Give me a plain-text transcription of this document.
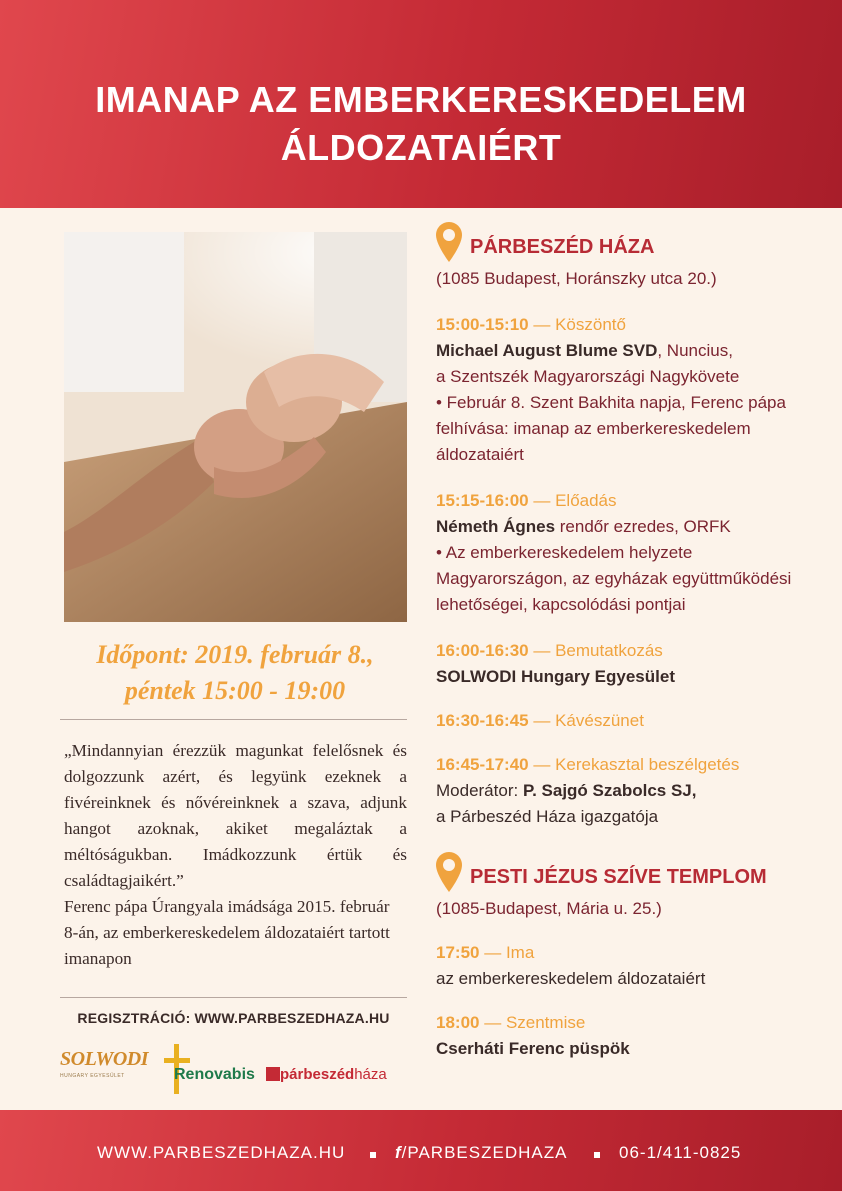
IMANAP AZ EMBERKERESKEDELEM
ÁLDOZATAIÉRT
Időpont: 2019. február 8.,
péntek 15:00 - 19:00
„Mindannyian érezzük magunkat felelősnek és dolgozzunk azért, és legyünk ezeknek a fivéreinknek és nővéreinknek a szava, adjunk hangot azoknak, akiket megaláztak a méltóságukban. Imádkozzunk értük és családtagjaikért.”
Ferenc pápa Úrangyala imádsága 2015. február 8-án, az emberkereskedelem áldozataiért tartott imanapon
REGISZTRÁCIÓ: WWW.PARBESZEDHAZA.HU
SOLWODI
HUNGARY EGYESÜLET	Renovabis	párbeszédháza
PÁRBESZÉD HÁZA
(1085 Budapest, Horánszky utca 20.)
15:00-15:10 — Köszöntő
Michael August Blume SVD, Nuncius,
a Szentszék Magyarországi Nagykövete
• Február 8. Szent Bakhita napja, Ferenc pápa felhívása: imanap az emberkereskedelem áldozataiért
15:15-16:00 — Előadás
Németh Ágnes rendőr ezredes, ORFK
• Az emberkereskedelem helyzete Magyarországon, az egyházak együttműködési lehetőségei, kapcsolódási pontjai
16:00-16:30 — Bemutatkozás
SOLWODI Hungary Egyesület
16:30-16:45 — Kávészünet
16:45-17:40 — Kerekasztal beszélgetés
Moderátor: P. Sajgó Szabolcs SJ,
a Párbeszéd Háza igazgatója
PESTI JÉZUS SZÍVE TEMPLOM
(1085-Budapest, Mária u. 25.)
17:50 — Ima
az emberkereskedelem áldozataiért
18:00 — Szentmise
Cserháti Ferenc püspök
WWW.PARBESZEDHAZA.HU	f/PARBESZEDHAZA	06-1/411-0825
